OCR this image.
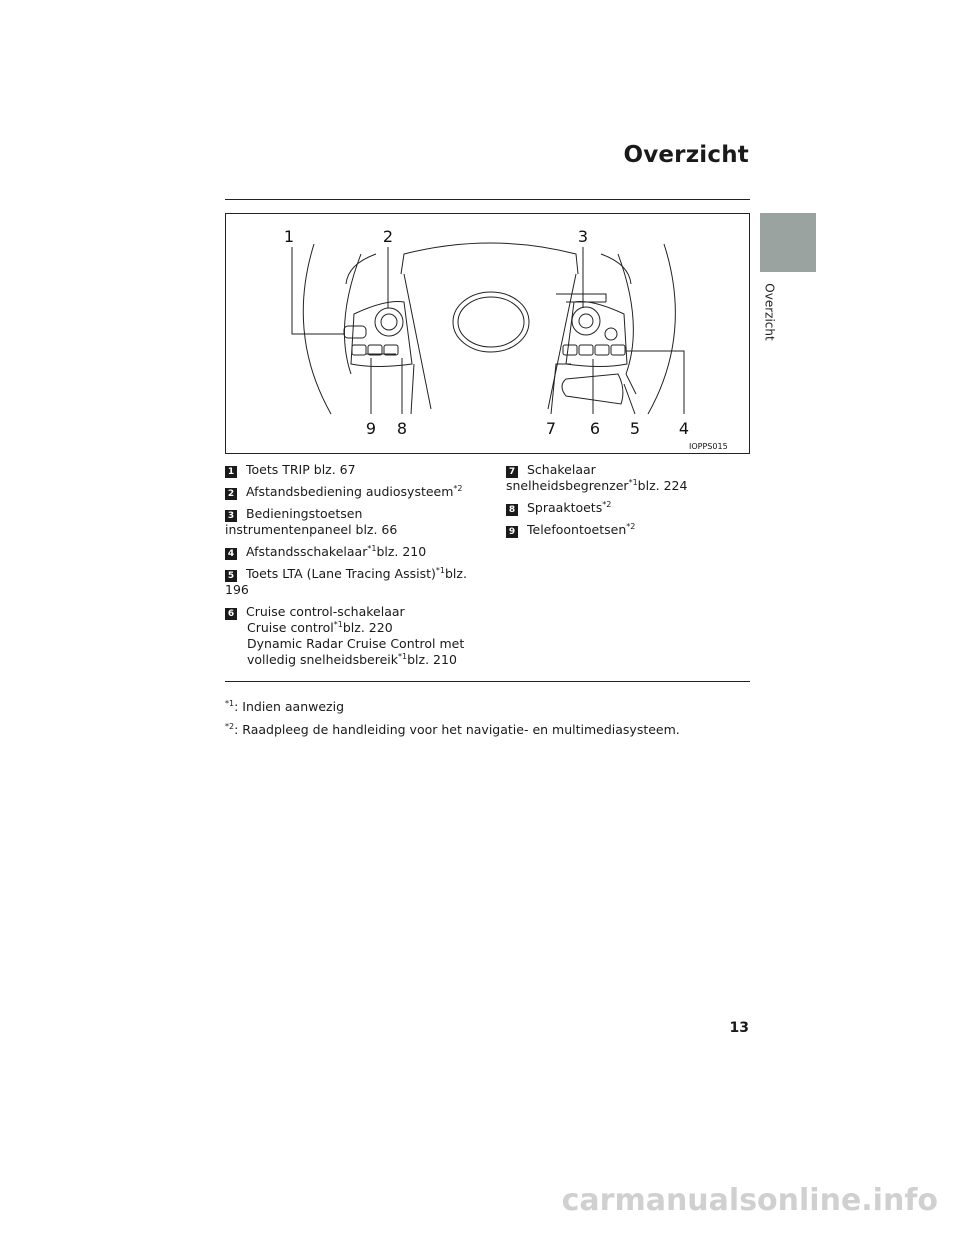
Overzicht
Overzicht
1	2	3
4
5
6
7
8
9
IOPPS015
1 Toets TRIP blz. 67
2 Afstandsbediening audiosysteem$^{*2}$
3 Bedieningstoetsen instrumentenpaneel blz. 66
4 Afstandsschakelaar$^{*1}$blz. 210
5 Toets LTA (Lane Tracing Assist)$^{*1}$blz. 196
6 Cruise control-schakelaar
Cruise control$^{*1}$blz. 220
Dynamic Radar Cruise Control met volledig snelheidsbereik$^{*1}$blz. 210
7 Schakelaar snelheidsbegrenzer$^{*1}$blz. 224
8 Spraaktoets$^{*2}$
9 Telefoontoetsen$^{*2}$
$^{*1}$: Indien aanwezig
$^{*2}$: Raadpleeg de handleiding voor het navigatie- en multimediasysteem.
13
carmanualsonline.info
